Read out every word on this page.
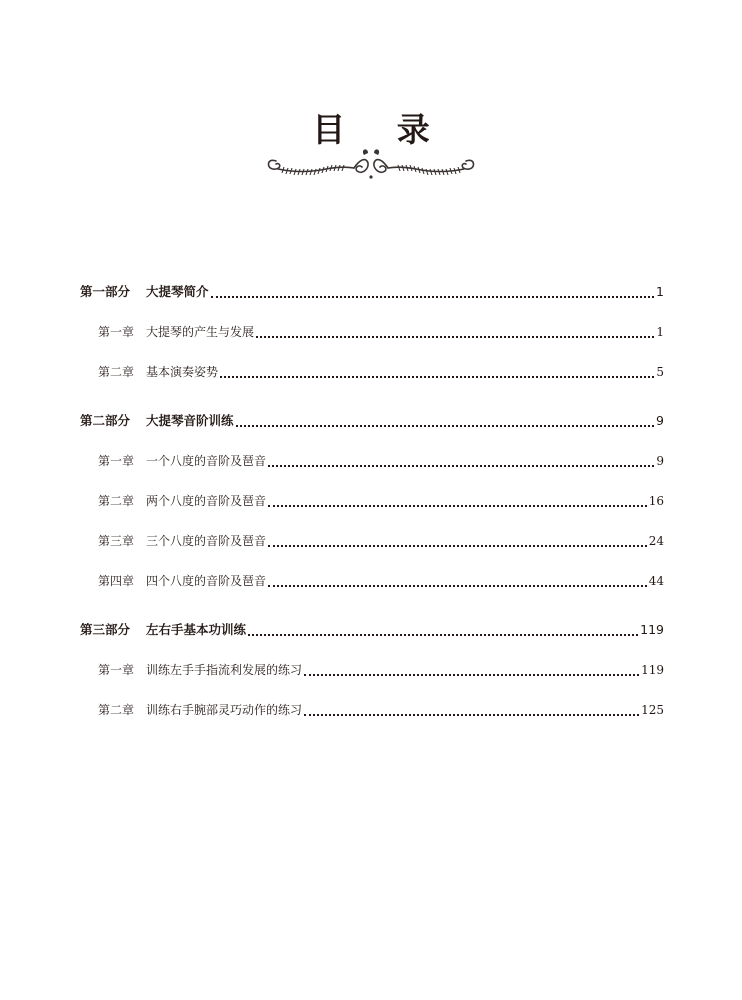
目 录
第一部分 大提琴简介	1
第一章 大提琴的产生与发展	1
第二章 基本演奏姿势	5
第二部分 大提琴音阶训练	9
第一章 一个八度的音阶及琶音	9
第二章 两个八度的音阶及琶音	16
第三章 三个八度的音阶及琶音	24
第四章 四个八度的音阶及琶音	44
第三部分 左右手基本功训练	119
第一章 训练左手手指流利发展的练习	119
第二章 训练右手腕部灵巧动作的练习	125
